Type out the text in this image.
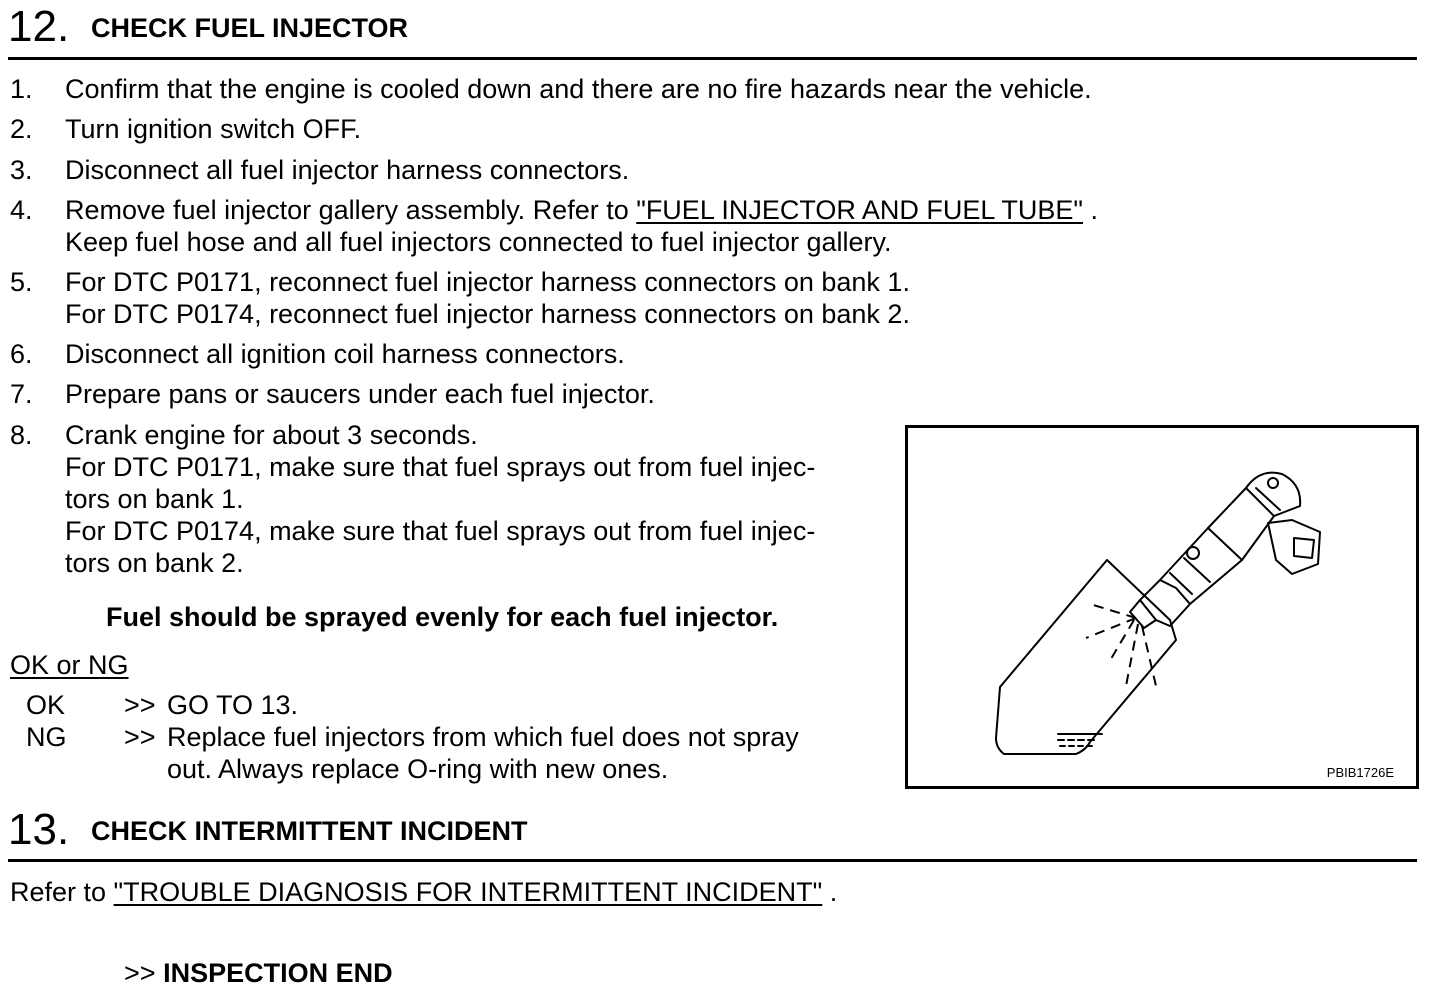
12. CHECK FUEL INJECTOR
1. Confirm that the engine is cooled down and there are no fire hazards near the vehicle.
2. Turn ignition switch OFF.
3. Disconnect all fuel injector harness connectors.
4. Remove fuel injector gallery assembly. Refer to "FUEL INJECTOR AND FUEL TUBE" .
Keep fuel hose and all fuel injectors connected to fuel injector gallery.
5. For DTC P0171, reconnect fuel injector harness connectors on bank 1.
For DTC P0174, reconnect fuel injector harness connectors on bank 2.
6. Disconnect all ignition coil harness connectors.
7. Prepare pans or saucers under each fuel injector.
8. Crank engine for about 3 seconds.
For DTC P0171, make sure that fuel sprays out from fuel injec-
tors on bank 1.
For DTC P0174, make sure that fuel sprays out from fuel injec-
tors on bank 2.
Fuel should be sprayed evenly for each fuel injector.
OK or NG
OK >> GO TO 13.
NG >> Replace fuel injectors from which fuel does not spray
out. Always replace O-ring with new ones.	PBIB1726E
13. CHECK INTERMITTENT INCIDENT
Refer to "TROUBLE DIAGNOSIS FOR INTERMITTENT INCIDENT" .
>> INSPECTION END
